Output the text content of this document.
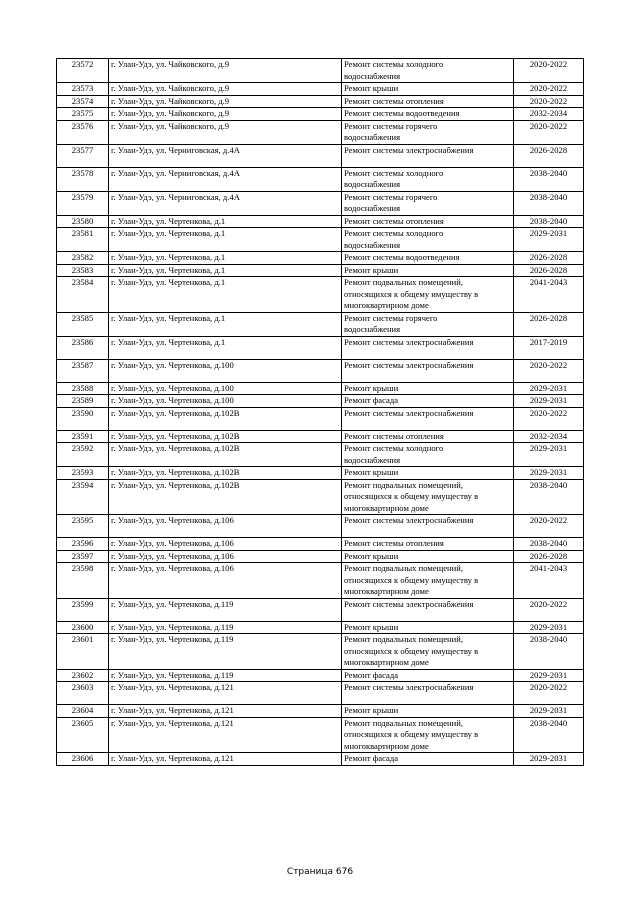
23572	г. Улан-Удэ, ул. Чайковского, д.9	Ремонт системы холодного
водоснабжения	2020-2022
23573	г. Улан-Удэ, ул. Чайковского, д.9	Ремонт крыши	2020-2022
23574	г. Улан-Удэ, ул. Чайковского, д.9	Ремонт системы отопления	2020-2022
23575	г. Улан-Удэ, ул. Чайковского, д.9	Ремонт системы водоотведения	2032-2034
23576	г. Улан-Удэ, ул. Чайковского, д.9	Ремонт системы горячего
водоснабжения	2020-2022
23577	г. Улан-Удэ, ул. Черниговская, д.4А	Ремонт системы электроснабжения	2026-2028
23578	г. Улан-Удэ, ул. Черниговская, д.4А	Ремонт системы холодного
водоснабжения	2038-2040
23579	г. Улан-Удэ, ул. Черниговская, д.4А	Ремонт системы горячего
водоснабжения	2038-2040
23580	г. Улан-Удэ, ул. Чертенкова, д.1	Ремонт системы отопления	2038-2040
23581	г. Улан-Удэ, ул. Чертенкова, д.1	Ремонт системы холодного
водоснабжения	2029-2031
23582	г. Улан-Удэ, ул. Чертенкова, д.1	Ремонт системы водоотведения	2026-2028
23583	г. Улан-Удэ, ул. Чертенкова, д.1	Ремонт крыши	2026-2028
23584	г. Улан-Удэ, ул. Чертенкова, д.1	Ремонт подвальных помещений,
относящихся к общему имуществу в
многоквартирном доме	2041-2043
23585	г. Улан-Удэ, ул. Чертенкова, д.1	Ремонт системы горячего
водоснабжения	2026-2028
23586	г. Улан-Удэ, ул. Чертенкова, д.1	Ремонт системы электроснабжения	2017-2019
23587	г. Улан-Удэ, ул. Чертенкова, д.100	Ремонт системы электроснабжения	2020-2022
23588	г. Улан-Удэ, ул. Чертенкова, д.100	Ремонт крыши	2029-2031
23589	г. Улан-Удэ, ул. Чертенкова, д.100	Ремонт фасада	2029-2031
23590	г. Улан-Удэ, ул. Чертенкова, д.102В	Ремонт системы электроснабжения	2020-2022
23591	г. Улан-Удэ, ул. Чертенкова, д.102В	Ремонт системы отопления	2032-2034
23592	г. Улан-Удэ, ул. Чертенкова, д.102В	Ремонт системы холодного
водоснабжения	2029-2031
23593	г. Улан-Удэ, ул. Чертенкова, д.102В	Ремонт крыши	2029-2031
23594	г. Улан-Удэ, ул. Чертенкова, д.102В	Ремонт подвальных помещений,
относящихся к общему имуществу в
многоквартирном доме	2038-2040
23595	г. Улан-Удэ, ул. Чертенкова, д.106	Ремонт системы электроснабжения	2020-2022
23596	г. Улан-Удэ, ул. Чертенкова, д.106	Ремонт системы отопления	2038-2040
23597	г. Улан-Удэ, ул. Чертенкова, д.106	Ремонт крыши	2026-2028
23598	г. Улан-Удэ, ул. Чертенкова, д.106	Ремонт подвальных помещений,
относящихся к общему имуществу в
многоквартирном доме	2041-2043
23599	г. Улан-Удэ, ул. Чертенкова, д.119	Ремонт системы электроснабжения	2020-2022
23600	г. Улан-Удэ, ул. Чертенкова, д.119	Ремонт крыши	2029-2031
23601	г. Улан-Удэ, ул. Чертенкова, д.119	Ремонт подвальных помещений,
относящихся к общему имуществу в
многоквартирном доме	2038-2040
23602	г. Улан-Удэ, ул. Чертенкова, д.119	Ремонт фасада	2029-2031
23603	г. Улан-Удэ, ул. Чертенкова, д.121	Ремонт системы электроснабжения	2020-2022
23604	г. Улан-Удэ, ул. Чертенкова, д.121	Ремонт крыши	2029-2031
23605	г. Улан-Удэ, ул. Чертенкова, д.121	Ремонт подвальных помещений,
относящихся к общему имуществу в
многоквартирном доме	2038-2040
23606	г. Улан-Удэ, ул. Чертенкова, д.121	Ремонт фасада	2029-2031
Страница 676
